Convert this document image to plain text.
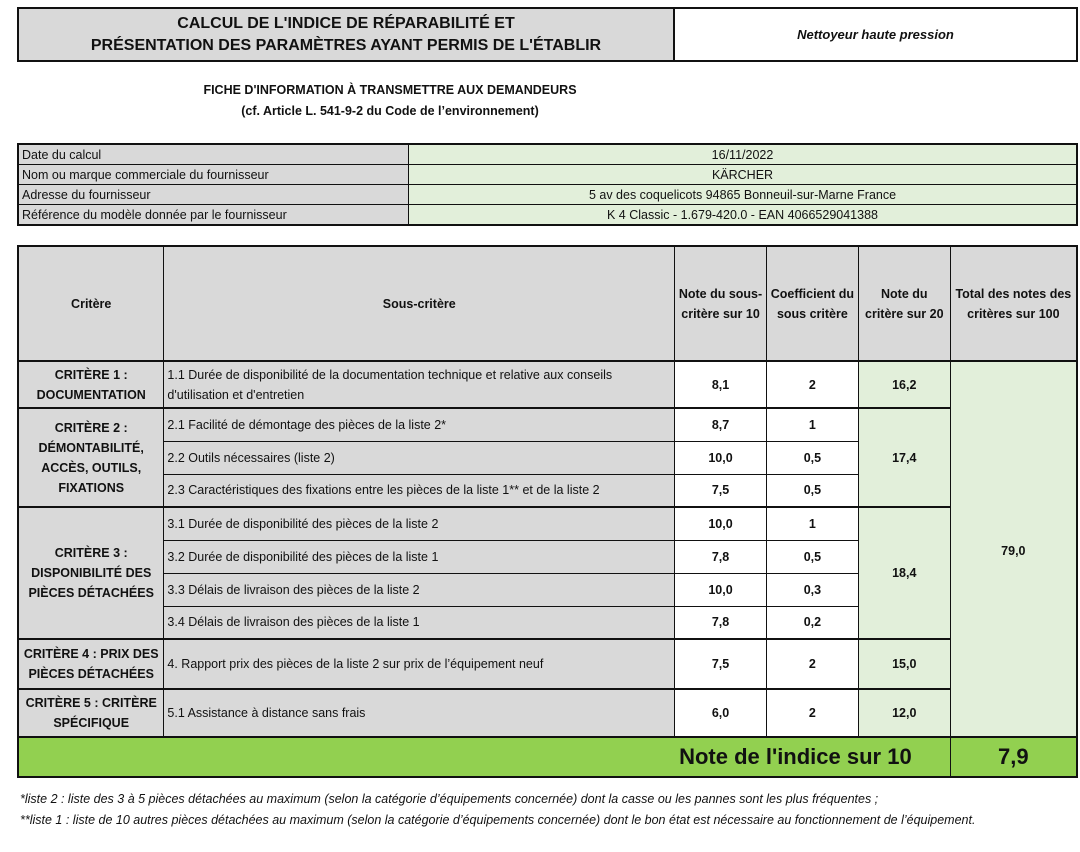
CALCUL DE L'INDICE DE RÉPARABILITÉ ET
PRÉSENTATION DES PARAMÈTRES AYANT PERMIS DE L'ÉTABLIR
Nettoyeur haute pression
FICHE D'INFORMATION À TRANSMETTRE AUX DEMANDEURS
(cf. Article L. 541-9-2 du Code de l’environnement)
Date du calcul	16/11/2022
Nom ou marque commerciale du fournisseur	KÄRCHER
Adresse du fournisseur	5 av des coquelicots 94865 Bonneuil-sur-Marne France
Référence du modèle donnée par le fournisseur	K 4 Classic - 1.679-420.0 - EAN 4066529041388
Critère	Sous-critère	Note du sous-critère sur 10	Coefficient du sous critère	Note du critère sur 20	Total des notes des critères sur 100
CRITÈRE 1 : DOCUMENTATION	1.1 Durée de disponibilité de la documentation technique et relative aux conseils d'utilisation et d'entretien	8,1	2	16,2	79,0
CRITÈRE 2 : DÉMONTABILITÉ, ACCÈS, OUTILS, FIXATIONS	2.1 Facilité de démontage des pièces de la liste 2*	8,7	1	17,4	
	2.2 Outils nécessaires (liste 2)	10,0	0,5		
	2.3 Caractéristiques des fixations entre les pièces de la liste 1** et de la liste 2	7,5	0,5		
CRITÈRE 3 : DISPONIBILITÉ DES PIÈCES DÉTACHÉES	3.1 Durée de disponibilité des pièces de la liste 2	10,0	1	18,4	
	3.2 Durée de disponibilité des pièces de la liste 1	7,8	0,5		
	3.3 Délais de livraison des pièces de la liste 2	10,0	0,3		
	3.4 Délais de livraison des pièces de la liste 1	7,8	0,2		
CRITÈRE 4 : PRIX DES PIÈCES DÉTACHÉES	4. Rapport prix des pièces de la liste 2 sur prix de l’équipement neuf	7,5	2	15,0	
CRITÈRE 5 : CRITÈRE SPÉCIFIQUE	5.1 Assistance à distance sans frais	6,0	2	12,0	
Note de l'indice sur 10					7,9
*liste 2 : liste des 3 à 5 pièces détachées au maximum (selon la catégorie d’équipements concernée) dont la casse ou les pannes sont les plus fréquentes ;
**liste 1 : liste de 10 autres pièces détachées au maximum (selon la catégorie d’équipements concernée) dont le bon état est nécessaire au fonctionnement de l’équipement.
